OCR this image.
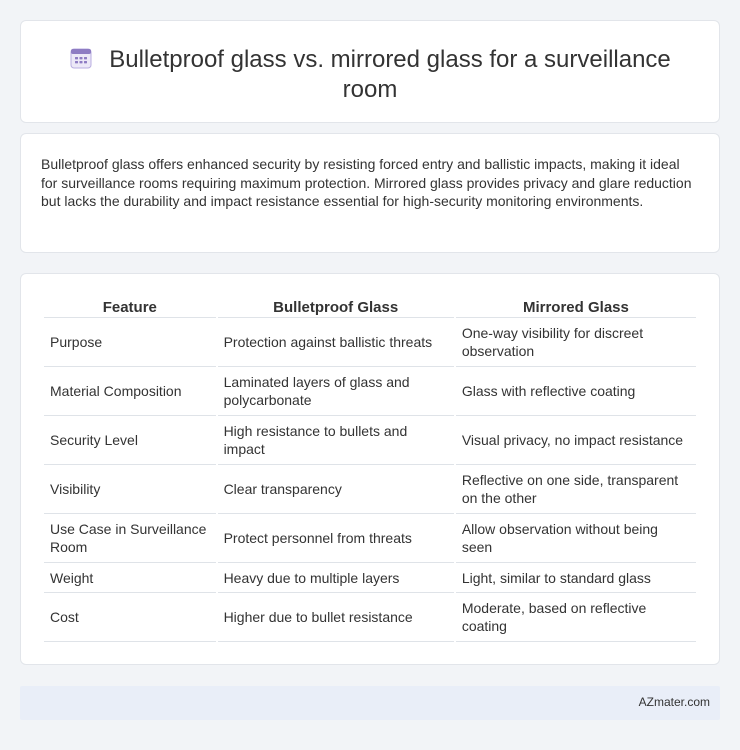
Bulletproof glass vs. mirrored glass for a surveillance room

Bulletproof glass offers enhanced security by resisting forced entry and ballistic impacts, making it ideal for surveillance rooms requiring maximum protection. Mirrored glass provides privacy and glare reduction but lacks the durability and impact resistance essential for high-security monitoring environments.

Feature	Bulletproof Glass	Mirrored Glass
Purpose	Protection against ballistic threats	One-way visibility for discreet observation
Material Composition	Laminated layers of glass and polycarbonate	Glass with reflective coating
Security Level	High resistance to bullets and impact	Visual privacy, no impact resistance
Visibility	Clear transparency	Reflective on one side, transparent on the other
Use Case in Surveillance Room	Protect personnel from threats	Allow observation without being seen
Weight	Heavy due to multiple layers	Light, similar to standard glass
Cost	Higher due to bullet resistance	Moderate, based on reflective coating
AZmater.com
